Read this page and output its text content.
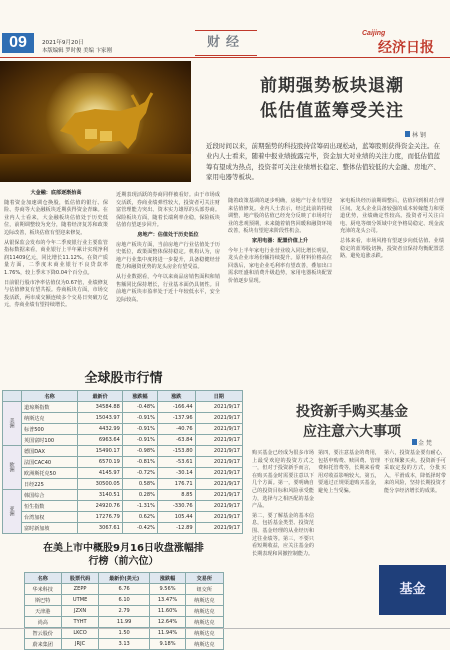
09	2021年9月20日
本版编辑 罗时俊 美编 卞家刚
财经
Caijing
经济日报
前期强势板块退潮
低估值蓝筹受关注
林 钢
近段时间以来，前期强势的科技股持营筹码出现松动，蓝筹股则获得资金关注。在业内人士看来，随着中报业绩披露完毕，资金加大对业绩的关注力度，而低估值蓝筹有望成为热点，投资者可关注业绩增长稳定、整体估值较低的大金融、房地产、家用电器等板块。
大金融：底部逐渐抬高

随着资金加速调仓换股，低估值的银行、保险、券商等大金融板块近期获得资金青睐。在业内人士看来，大金融板块估值处于历史低位，前期调整较为充分，随着经济复苏和政策边际改善，板块估值有望迎来修复。

从银保监会发布的今年二季度银行业主要监管指标数据来看，商业银行上半年累计实现净利润11409亿元，同比增长11.12%。在资产质量方面，二季度末商业银行不良贷款率1.76%，较上季末下降0.04个百分点。

日前银行股市净率估值仅为0.67倍，业绩修复与估值修复有望共振。券商板块方面，市场交投活跃，两市成交额连续多个交易日突破万亿元，券商业绩有望持续增长。

近期表现活跃的券商同样被看好。由于市场成交活跃，券商业绩弹性较大，投资者可关注财富管理能力突出、资本实力雄厚的头部券商。保险板块方面，随着长端利率企稳，保险板块估值有望逐步回升。

房地产：估值处于历史低位

房地产板块方面，当前房地产行业估值处于历史低位，政策面整体保持稳定。机构认为，房地产行业集中度将进一步提升，具备稳健经营能力和融资优势的龙头房企有望受益。

从行业数据看，今年以来商品房销售面积和销售额同比保持增长，行业基本面仍具韧性。目前地产板块市盈率处于近十年较低水平，安全边际较高。

随着政策基调的逐步明确，房地产行业有望迎来估值修复。业内人士表示，经过此前的持续调整，地产股的估值已经充分反映了市场对行业的悲观预期，未来随着销售回暖和融资环境改善，板块有望迎来阶段性机会。

家用电器：配置价值上升

今年上半年家电行业营业收入同比增长明显，龙头企业市场份额持续提升。原材料价格高位回落后，家电企业毛利率有望改善，叠加出口需求旺盛和消费升级趋势，家用电器板块配置价值逐步显现。

家电板块经历前期调整后，估值回到相对合理区间。龙头企业具备较强的成本转嫁能力和渠道优势，业绩确定性较高。投资者可关注白电、厨电等细分领域中竞争格局稳定、现金流充沛的龙头公司。

总体来看，市场风格有望逐步向低估值、业绩稳定的蓝筹股切换，投资者宜保持均衡配置思路，避免追涨杀跌。

全球股市行情
	名称	最新价	涨跌幅	涨跌	日期
美洲	道琼斯指数	34584.88	-0.48%	-166.44	2021/9/17
	纳斯达克	15043.97	-0.91%	-137.96	2021/9/17
	标普500	4432.99	-0.91%	-40.76	2021/9/17
	英国富时100	6963.64	-0.91%	-63.84	2021/9/17
欧洲	德国DAX	15490.17	-0.98%	-153.80	2021/9/17
	法国CAC40	6570.19	-0.81%	-53.61	2021/9/17
	欧洲斯托克50	4145.97	-0.72%	-30.14	2021/9/17
	日经225	30500.05	0.58%	176.71	2021/9/17
亚洲	韩国综合	3140.51	0.28%	8.85	2021/9/17
	恒生指数	24920.76	-1.31%	-330.76	2021/9/17
	台湾加权	17276.79	0.62%	105.44	2021/9/17
	富时新加坡	3067.61	-0.42%	-12.89	2021/9/17
在美上市中概股9月16日收盘涨幅排行榜（前六位）
名称	股票代码	最新价(美元)	涨跌幅	交易所
华米科技	ZEPP	6.76	9.56%	纽交所
斯巴特	UTME	6.10	13.47%	纳斯达克
天津港	JZXN	2.79	11.60%	纳斯达克
尚高	TYHT	11.99	12.64%	纳斯达克
智云股份	LKCO	1.50	11.94%	纳斯达克
蔚来集团	JRJC	3.13	9.18%	纳斯达克
投资新手购买基金
应注意六大事项
金 梵

购买基金已经成为很多市场上最受欢迎的投资方式之一，但对于投资新手而言，在购买基金时需要注意以下几个方面。第一，要明确自己的投资目标和风险承受能力，选择与之相匹配的基金产品。

第二，要了解基金的基本信息，包括基金类型、投资范围、基金经理的从业经历和过往业绩等。第三，不要只看短期收益，应关注基金的长期表现和回撤控制能力。

第四，要注意基金的费用，包括申购费、赎回费、管理费和托管费等，长期来看费用对收益影响较大。第五，要通过正规渠道购买基金，避免上当受骗。

第六，投资基金要有耐心，不宜频繁买卖。投资新手可采取定投的方式，分批买入，平滑成本，降低择时带来的风险，坚持长期投资才能分享经济增长的成果。

基金
